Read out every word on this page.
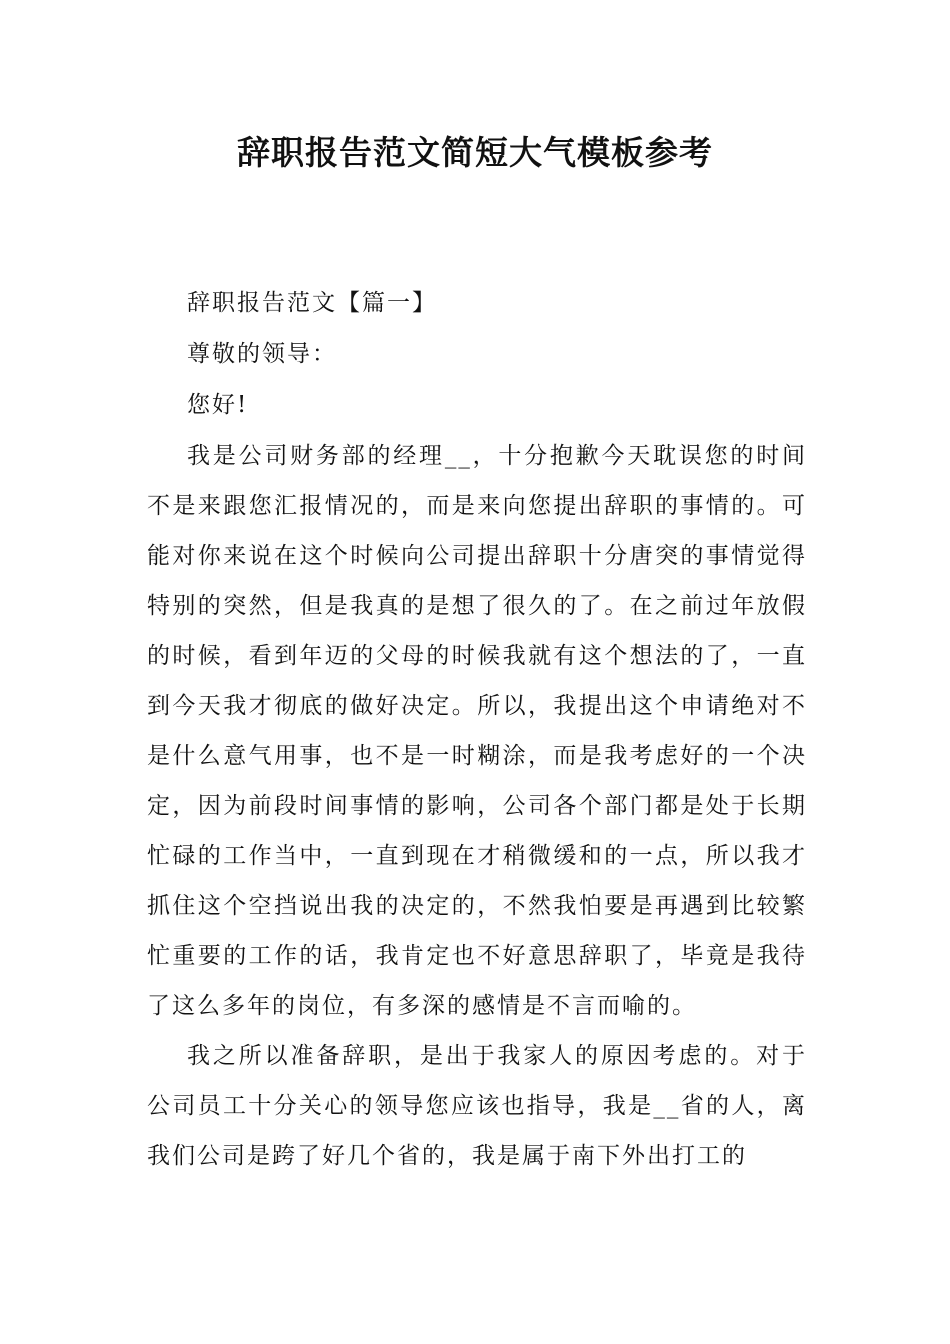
辞职报告范文简短大气模板参考

辞职报告范文【篇一】

尊敬的领导：

您好!

我是公司财务部的经理__，十分抱歉今天耽误您的时间不是来跟您汇报情况的，而是来向您提出辞职的事情的。可能对你来说在这个时候向公司提出辞职十分唐突的事情觉得特别的突然，但是我真的是想了很久的了。在之前过年放假的时候，看到年迈的父母的时候我就有这个想法的了，一直到今天我才彻底的做好决定。所以，我提出这个申请绝对不是什么意气用事，也不是一时糊涂，而是我考虑好的一个决定，因为前段时间事情的影响，公司各个部门都是处于长期忙碌的工作当中，一直到现在才稍微缓和的一点，所以我才抓住这个空挡说出我的决定的，不然我怕要是再遇到比较繁忙重要的工作的话，我肯定也不好意思辞职了，毕竟是我待了这么多年的岗位，有多深的感情是不言而喻的。

我之所以准备辞职，是出于我家人的原因考虑的。对于公司员工十分关心的领导您应该也指导，我是__省的人，离我们公司是跨了好几个省的，我是属于南下外出打工的
